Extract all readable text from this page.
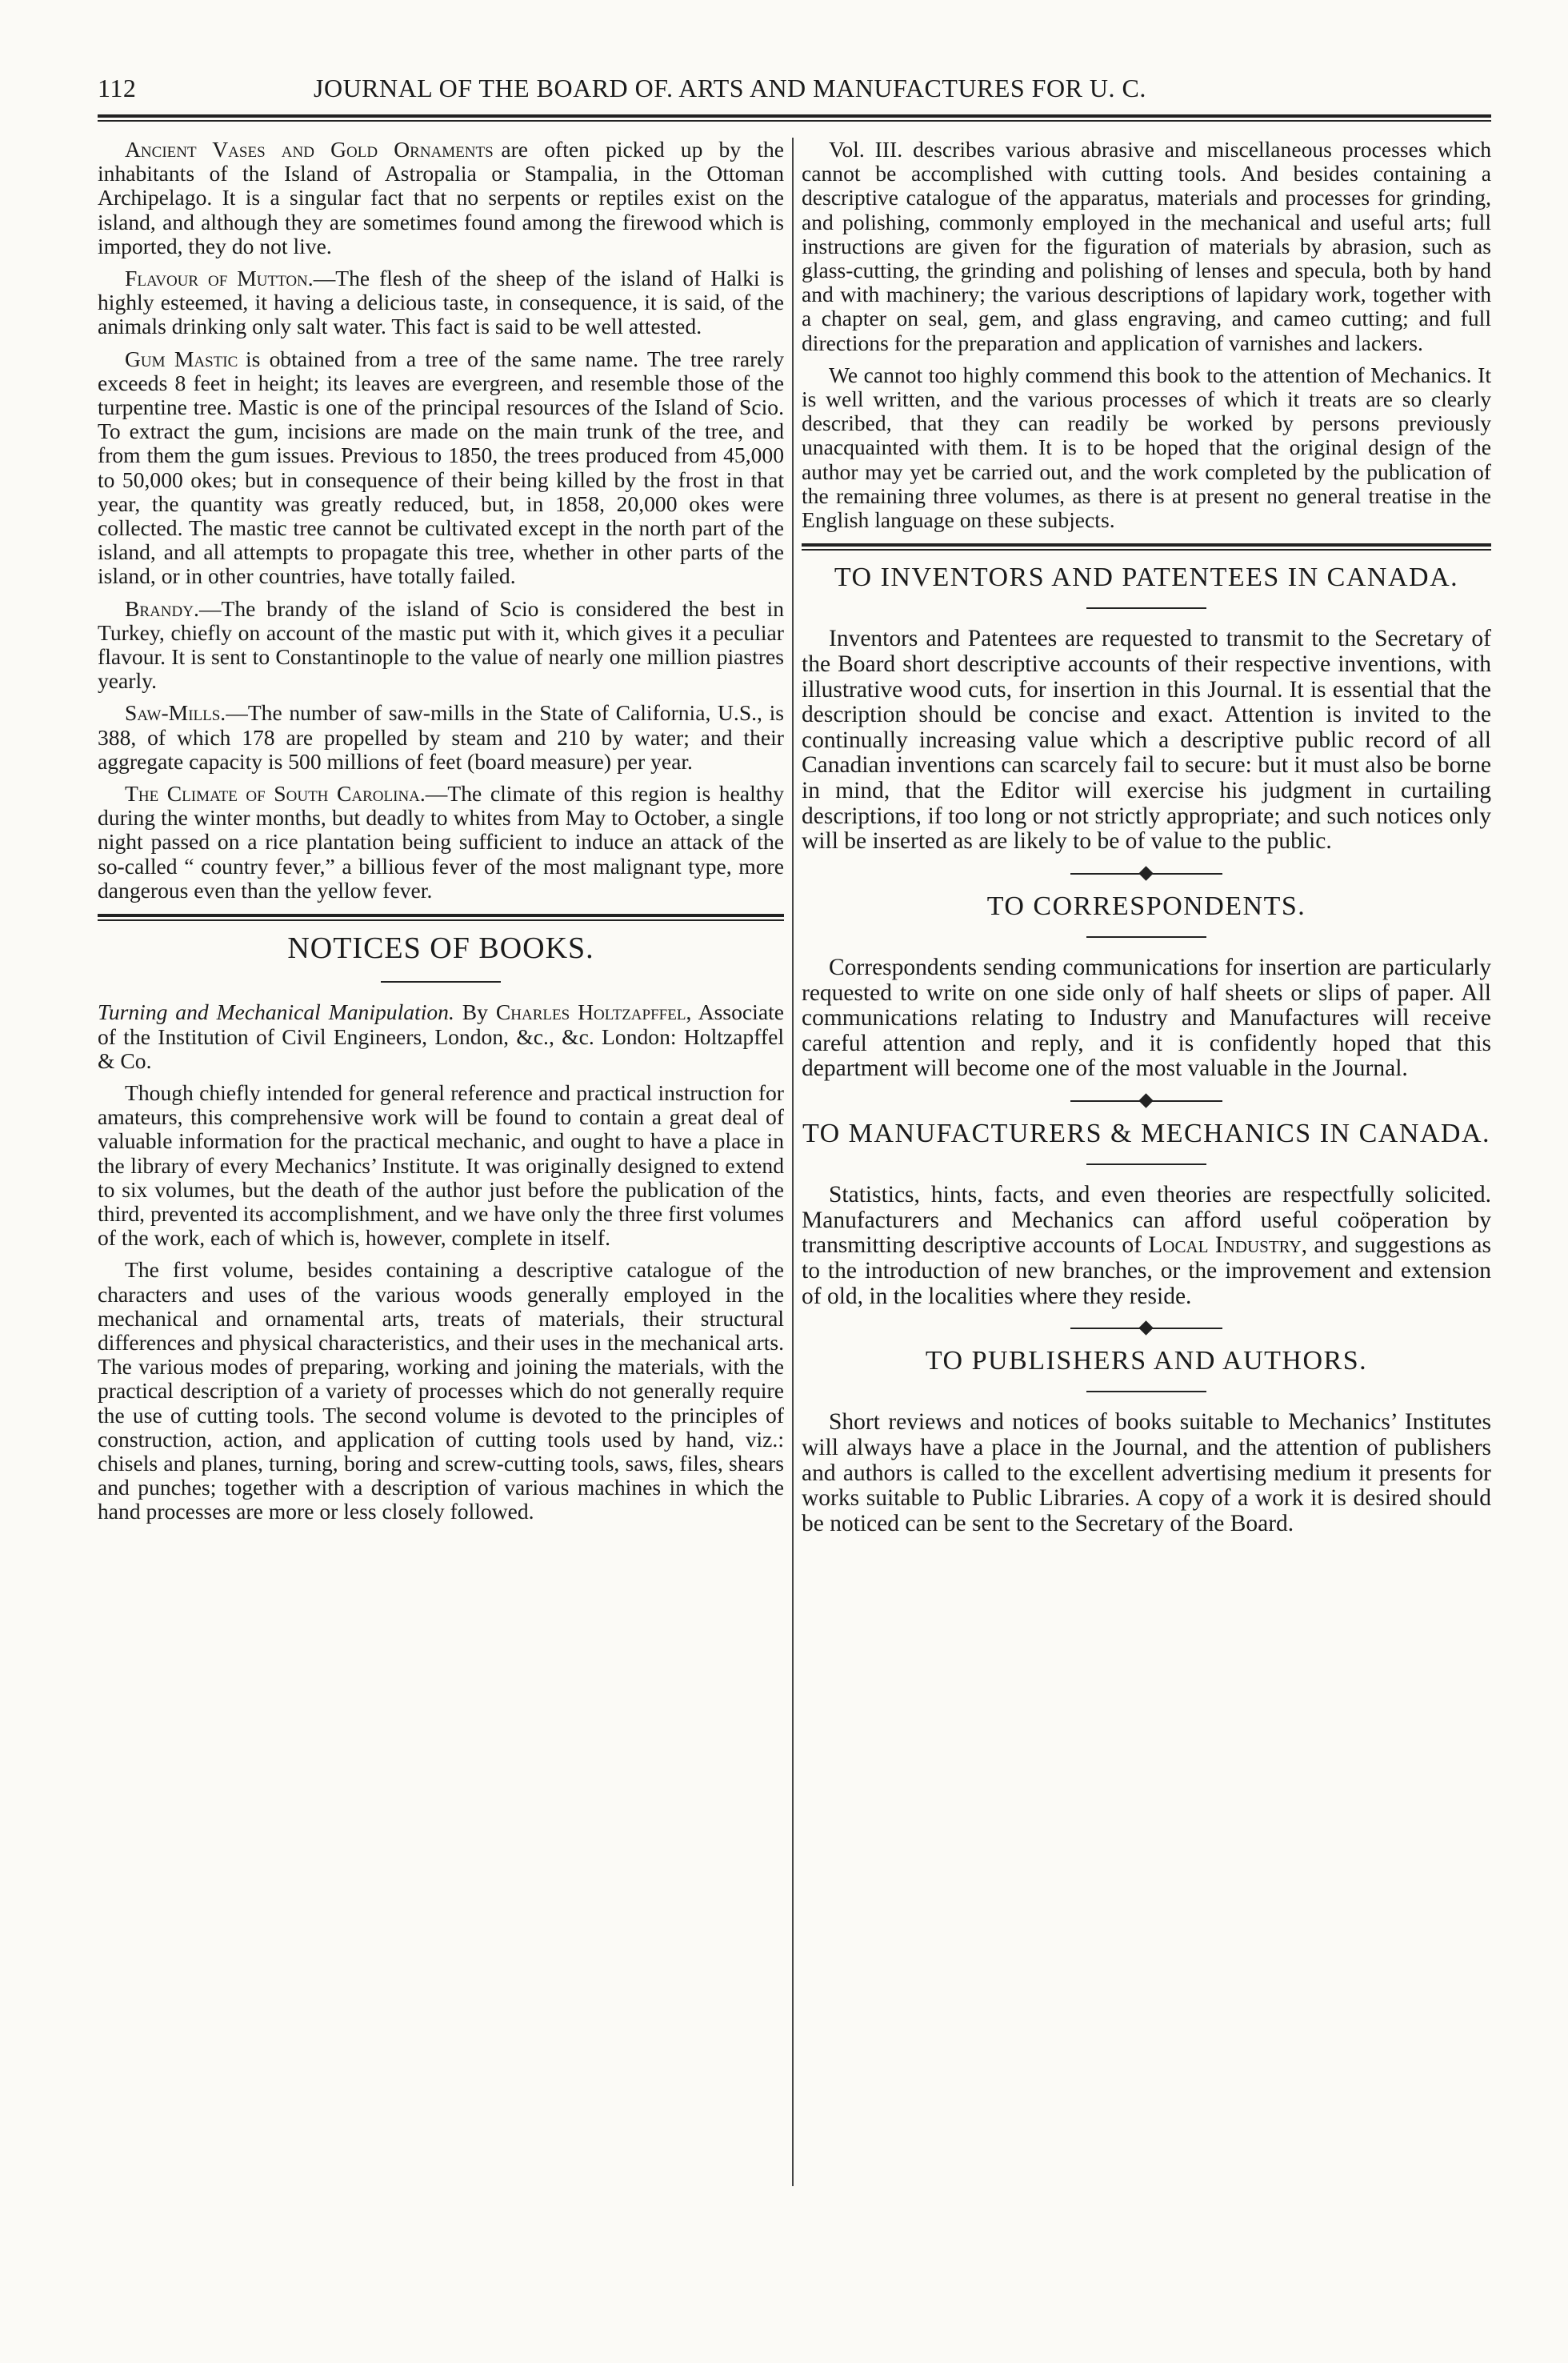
112	JOURNAL OF THE BOARD OF. ARTS AND MANUFACTURES FOR U. C.

Ancient Vases and Gold Ornaments are often picked up by the inhabitants of the Island of Astropalia or Stampalia, in the Ottoman Archipelago. It is a singular fact that no serpents or reptiles exist on the island, and although they are sometimes found among the firewood which is imported, they do not live.

Flavour of Mutton.—The flesh of the sheep of the island of Halki is highly esteemed, it having a delicious taste, in consequence, it is said, of the animals drinking only salt water. This fact is said to be well attested.

Gum Mastic is obtained from a tree of the same name. The tree rarely exceeds 8 feet in height; its leaves are evergreen, and resemble those of the turpentine tree. Mastic is one of the principal resources of the Island of Scio. To extract the gum, incisions are made on the main trunk of the tree, and from them the gum issues. Previous to 1850, the trees produced from 45,000 to 50,000 okes; but in consequence of their being killed by the frost in that year, the quantity was greatly reduced, but, in 1858, 20,000 okes were collected. The mastic tree cannot be cultivated except in the north part of the island, and all attempts to propagate this tree, whether in other parts of the island, or in other countries, have totally failed.

Brandy.—The brandy of the island of Scio is considered the best in Turkey, chiefly on account of the mastic put with it, which gives it a peculiar flavour. It is sent to Constantinople to the value of nearly one million piastres yearly.

Saw-Mills.—The number of saw-mills in the State of California, U.S., is 388, of which 178 are propelled by steam and 210 by water; and their aggregate capacity is 500 millions of feet (board measure) per year.

The Climate of South Carolina.—The climate of this region is healthy during the winter months, but deadly to whites from May to October, a single night passed on a rice plantation being sufficient to induce an attack of the so-called “ country fever,” a billious fever of the most malignant type, more dangerous even than the yellow fever.

NOTICES OF BOOKS.

Turning and Mechanical Manipulation. By Charles Holtzapffel, Associate of the Institution of Civil Engineers, London, &c., &c. London: Holtzapffel & Co.

Though chiefly intended for general reference and practical instruction for amateurs, this comprehensive work will be found to contain a great deal of valuable information for the practical mechanic, and ought to have a place in the library of every Mechanics’ Institute. It was originally designed to extend to six volumes, but the death of the author just before the publication of the third, prevented its accomplishment, and we have only the three first volumes of the work, each of which is, however, complete in itself.

The first volume, besides containing a descriptive catalogue of the characters and uses of the various woods generally employed in the mechanical and ornamental arts, treats of materials, their structural differences and physical characteristics, and their uses in the mechanical arts. The various modes of preparing, working and joining the materials, with the practical description of a variety of processes which do not generally require the use of cutting tools. The second volume is devoted to the principles of construction, action, and application of cutting tools used by hand, viz.: chisels and planes, turning, boring and screw-cutting tools, saws, files, shears and punches; together with a description of various machines in which the hand processes are more or less closely followed.

Vol. III. describes various abrasive and miscellaneous processes which cannot be accomplished with cutting tools. And besides containing a descriptive catalogue of the apparatus, materials and processes for grinding, and polishing, commonly employed in the mechanical and useful arts; full instructions are given for the figuration of materials by abrasion, such as glass-cutting, the grinding and polishing of lenses and specula, both by hand and with machinery; the various descriptions of lapidary work, together with a chapter on seal, gem, and glass engraving, and cameo cutting; and full directions for the preparation and application of varnishes and lackers.

We cannot too highly commend this book to the attention of Mechanics. It is well written, and the various processes of which it treats are so clearly described, that they can readily be worked by persons previously unacquainted with them. It is to be hoped that the original design of the author may yet be carried out, and the work completed by the publication of the remaining three volumes, as there is at present no general treatise in the English language on these subjects.

TO INVENTORS AND PATENTEES IN CANADA.

Inventors and Patentees are requested to transmit to the Secretary of the Board short descriptive accounts of their respective inventions, with illustrative wood cuts, for insertion in this Journal. It is essential that the description should be concise and exact. Attention is invited to the continually increasing value which a descriptive public record of all Canadian inventions can scarcely fail to secure: but it must also be borne in mind, that the Editor will exercise his judgment in curtailing descriptions, if too long or not strictly appropriate; and such notices only will be inserted as are likely to be of value to the public.

TO CORRESPONDENTS.

Correspondents sending communications for insertion are particularly requested to write on one side only of half sheets or slips of paper. All communications relating to Industry and Manufactures will receive careful attention and reply, and it is confidently hoped that this department will become one of the most valuable in the Journal.

TO MANUFACTURERS & MECHANICS IN CANADA.

Statistics, hints, facts, and even theories are respectfully solicited. Manufacturers and Mechanics can afford useful coöperation by transmitting descriptive accounts of Local Industry, and suggestions as to the introduction of new branches, or the improvement and extension of old, in the localities where they reside.

TO PUBLISHERS AND AUTHORS.

Short reviews and notices of books suitable to Mechanics’ Institutes will always have a place in the Journal, and the attention of publishers and authors is called to the excellent advertising medium it presents for works suitable to Public Libraries. A copy of a work it is desired should be noticed can be sent to the Secretary of the Board.
